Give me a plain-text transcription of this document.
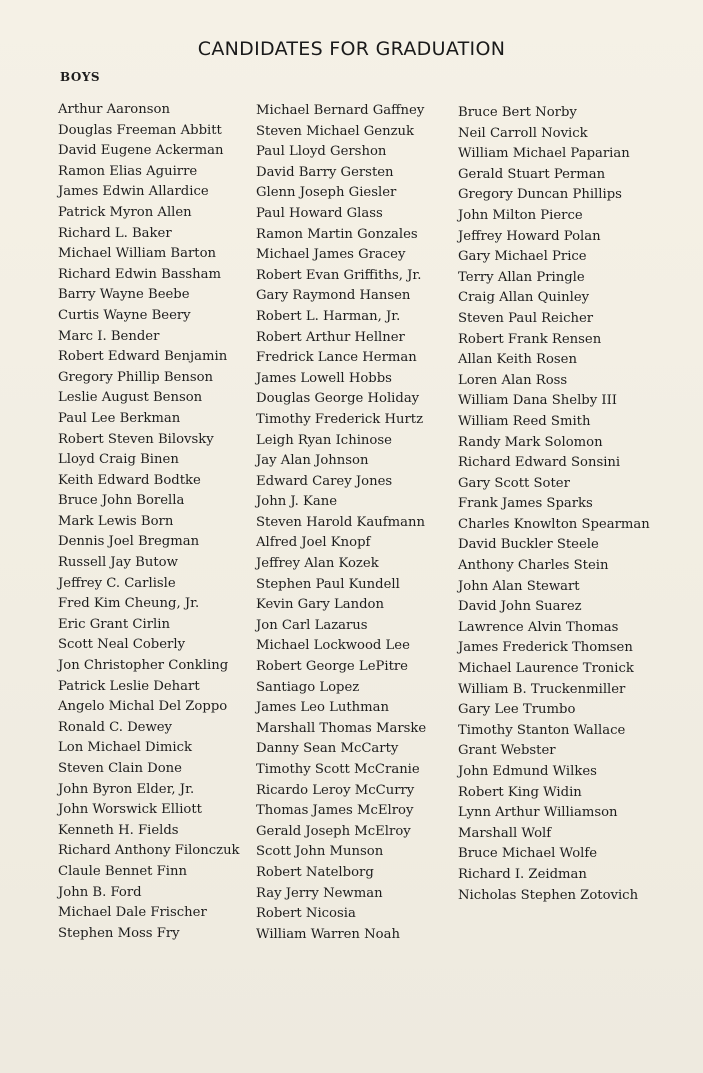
CANDIDATES FOR GRADUATION
BOYS
Arthur Aaronson
Douglas Freeman Abbitt
David Eugene Ackerman
Ramon Elias Aguirre
James Edwin Allardice
Patrick Myron Allen
Richard L. Baker
Michael William Barton
Richard Edwin Bassham
Barry Wayne Beebe
Curtis Wayne Beery
Marc I. Bender
Robert Edward Benjamin
Gregory Phillip Benson
Leslie August Benson
Paul Lee Berkman
Robert Steven Bilovsky
Lloyd Craig Binen
Keith Edward Bodtke
Bruce John Borella
Mark Lewis Born
Dennis Joel Bregman
Russell Jay Butow
Jeffrey C. Carlisle
Fred Kim Cheung, Jr.
Eric Grant Cirlin
Scott Neal Coberly
Jon Christopher Conkling
Patrick Leslie Dehart
Angelo Michal Del Zoppo
Ronald C. Dewey
Lon Michael Dimick
Steven Clain Done
John Byron Elder, Jr.
John Worswick Elliott
Kenneth H. Fields
Richard Anthony Filonczuk
Claule Bennet Finn
John B. Ford
Michael Dale Frischer
Stephen Moss Fry
Michael Bernard Gaffney
Steven Michael Genzuk
Paul Lloyd Gershon
David Barry Gersten
Glenn Joseph Giesler
Paul Howard Glass
Ramon Martin Gonzales
Michael James Gracey
Robert Evan Griffiths, Jr.
Gary Raymond Hansen
Robert L. Harman, Jr.
Robert Arthur Hellner
Fredrick Lance Herman
James Lowell Hobbs
Douglas George Holiday
Timothy Frederick Hurtz
Leigh Ryan Ichinose
Jay Alan Johnson
Edward Carey Jones
John J. Kane
Steven Harold Kaufmann
Alfred Joel Knopf
Jeffrey Alan Kozek
Stephen Paul Kundell
Kevin Gary Landon
Jon Carl Lazarus
Michael Lockwood Lee
Robert George LePitre
Santiago Lopez
James Leo Luthman
Marshall Thomas Marske
Danny Sean McCarty
Timothy Scott McCranie
Ricardo Leroy McCurry
Thomas James McElroy
Gerald Joseph McElroy
Scott John Munson
Robert Natelborg
Ray Jerry Newman
Robert Nicosia
William Warren Noah
Bruce Bert Norby
Neil Carroll Novick
William Michael Paparian
Gerald Stuart Perman
Gregory Duncan Phillips
John Milton Pierce
Jeffrey Howard Polan
Gary Michael Price
Terry Allan Pringle
Craig Allan Quinley
Steven Paul Reicher
Robert Frank Rensen
Allan Keith Rosen
Loren Alan Ross
William Dana Shelby III
William Reed Smith
Randy Mark Solomon
Richard Edward Sonsini
Gary Scott Soter
Frank James Sparks
Charles Knowlton Spearman
David Buckler Steele
Anthony Charles Stein
John Alan Stewart
David John Suarez
Lawrence Alvin Thomas
James Frederick Thomsen
Michael Laurence Tronick
William B. Truckenmiller
Gary Lee Trumbo
Timothy Stanton Wallace
Grant Webster
John Edmund Wilkes
Robert King Widin
Lynn Arthur Williamson
Marshall Wolf
Bruce Michael Wolfe
Richard I. Zeidman
Nicholas Stephen Zotovich
